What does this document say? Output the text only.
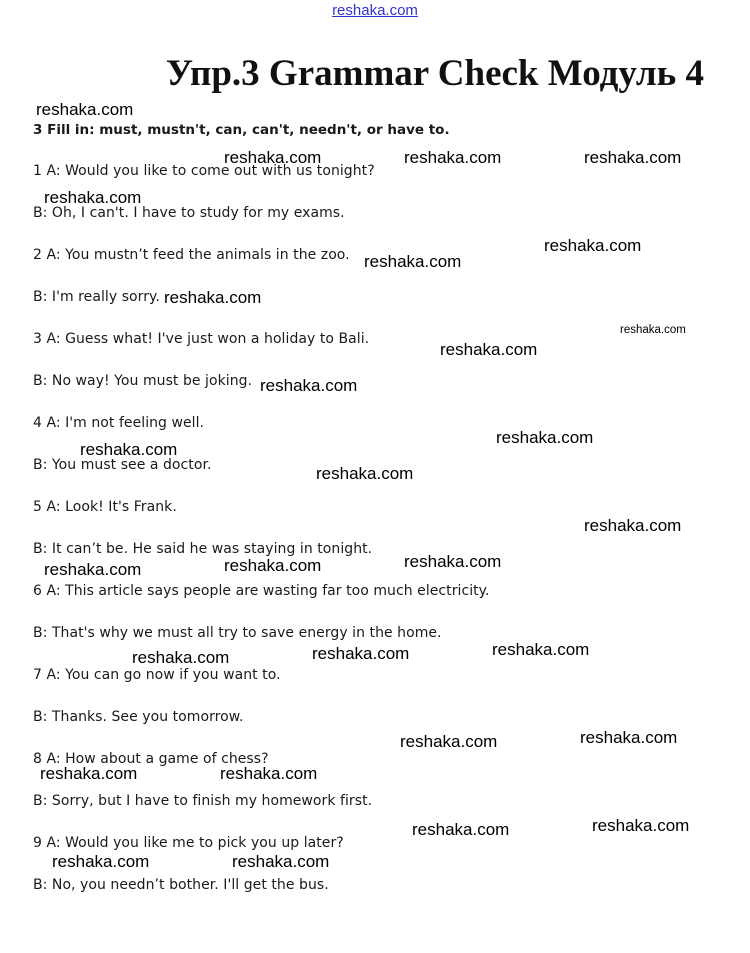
reshaka.com
Упр.3 Grammar Check Модуль 4
3 Fill in: must, mustn't, can, can't, needn't, or have to.
1 A: Would you like to come out with us tonight?
B: Oh, I can't. I have to study for my exams.
2 A: You mustn’t feed the animals in the zoo.
B: I'm really sorry.
3 A: Guess what! I've just won a holiday to Bali.
B: No way! You must be joking.
4 A: I'm not feeling well.
B: You must see a doctor.
5 A: Look! It's Frank.
B: It can’t be. He said he was staying in tonight.
6 A: This article says people are wasting far too much electricity.
B: That's why we must all try to save energy in the home.
7 A: You can go now if you want to.
B: Thanks. See you tomorrow.
8 A: How about a game of chess?
B: Sorry, but I have to finish my homework first.
9 A: Would you like me to pick you up later?
B: No, you needn’t bother. I'll get the bus.
reshaka.com
reshaka.com	reshaka.com	reshaka.com
reshaka.com
reshaka.com
reshaka.com
reshaka.com
reshaka.com
reshaka.com
reshaka.com
reshaka.com
reshaka.com
reshaka.com
reshaka.com
reshaka.com
reshaka.com
reshaka.com
reshaka.com
reshaka.com
reshaka.com
reshaka.com
reshaka.com
reshaka.com	reshaka.com
reshaka.com
reshaka.com
reshaka.com	reshaka.com
